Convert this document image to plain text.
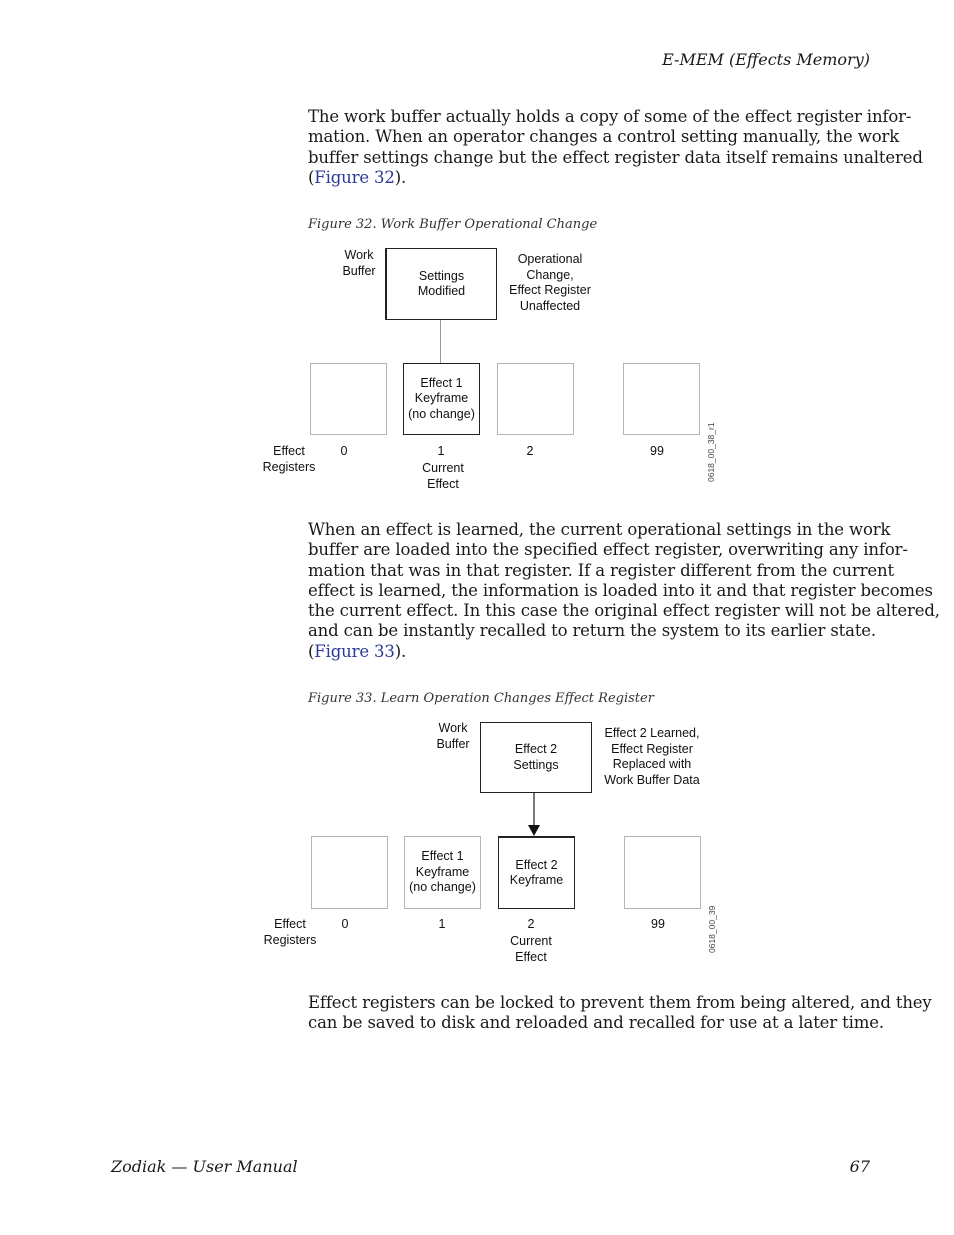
E-MEM (Effects Memory)
The work buffer actually holds a copy of some of the effect register infor-
mation. When an operator changes a control setting manually, the work
buffer settings change but the effect register data itself remains unaltered
(Figure 32).
Figure 32. Work Buffer Operational Change
Work
Buffer	Settings
Modified
Operational
Change,
Effect Register
Unaffected
Effect 1
Keyframe
(no change)
Effect
Registers
0	1	2	99
Current
Effect
0618_00_38_r1
When an effect is learned, the current operational settings in the work
buffer are loaded into the specified effect register, overwriting any infor-
mation that was in that register. If a register different from the current
effect is learned, the information is loaded into it and that register becomes
the current effect. In this case the original effect register will not be altered,
and can be instantly recalled to return the system to its earlier state.
(Figure 33).
Figure 33. Learn Operation Changes Effect Register
Work
Buffer	Effect 2
Settings
Effect 2 Learned,
Effect Register
Replaced with
Work Buffer Data
Effect 1
Keyframe
(no change)
Effect 2
Keyframe
Effect
Registers
0	1	2	99
Current
Effect
0618_00_39
Effect registers can be locked to prevent them from being altered, and they
can be saved to disk and reloaded and recalled for use at a later time.
Zodiak — User Manual	67
